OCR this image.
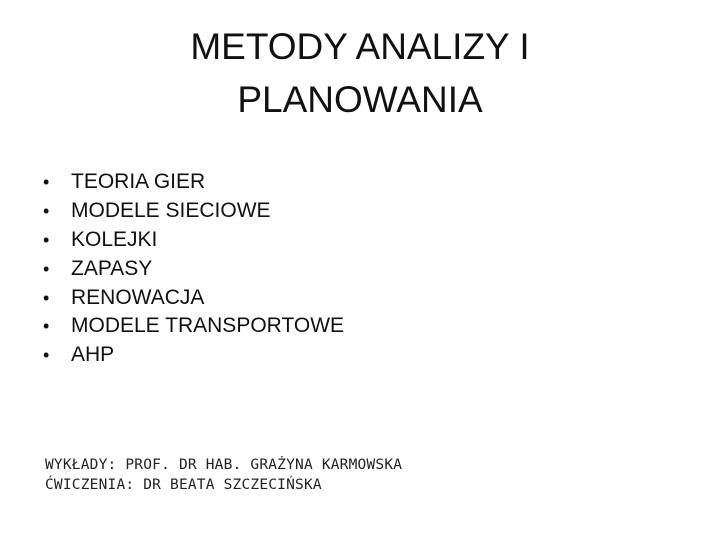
METODY ANALIZY I
PLANOWANIA
•	TEORIA GIER
•	MODELE SIECIOWE
•	KOLEJKI
•	ZAPASY
•	RENOWACJA
•	MODELE TRANSPORTOWE
•	AHP
WYKŁADY: PROF. DR HAB. GRAŻYNA KARMOWSKA
ĆWICZENIA: DR BEATA SZCZECIŃSKA
